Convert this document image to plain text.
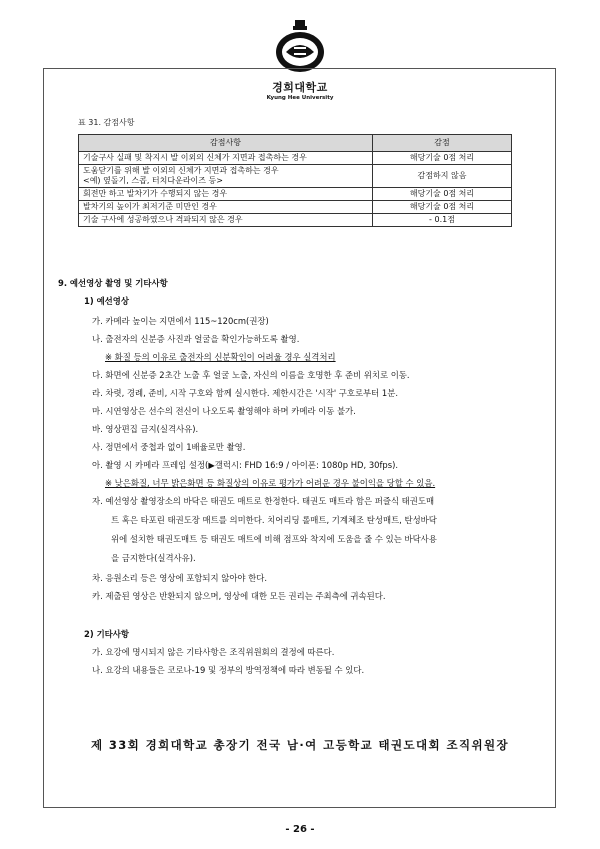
경희대학교
Kyung Hee University
표 31. 감점사항
감점사항	감점
기술구사 실패 및 착지시 발 이외의 신체가 지면과 접촉하는 경우	해당기술 0점 처리
도움닫기를 위해 발 이외의 신체가 지면과 접촉하는 경우
<예) 옆돌기, 스콥, 터치다운라이즈 등>	감점하지 않음
회전만 하고 발차기가 수행되지 않는 경우	해당기술 0점 처리
발차기의 높이가 최저기준 미만인 경우	해당기술 0점 처리
기술 구사에 성공하였으나 격파되지 않은 경우	- 0.1점
9. 예선영상 촬영 및 기타사항
1) 예선영상
가. 카메라 높이는 지면에서 115~120cm(권장)
나. 출전자의 신분증 사진과 얼굴을 확인가능하도록 촬영.
※ 화질 등의 이유로 출전자의 신분확인이 어려울 경우 실격처리
다. 화면에 신분증 2초간 노출 후 얼굴 노출, 자신의 이름을 호명한 후 준비 위치로 이동.
라. 차렷, 경례, 준비, 시작 구호와 함께 실시한다. 제한시간은 '시작' 구호로부터 1분.
마. 시연영상은 선수의 전신이 나오도록 촬영해야 하며 카메라 이동 불가.
바. 영상편집 금지(실격사유).
사. 정면에서 중첩과 없이 1배율로만 촬영.
아. 촬영 시 카메라 프레임 설정(▶갤럭시: FHD 16:9 / 아이폰: 1080p HD, 30fps).
※ 낮은화질, 너무 밝은화면 등 화질상의 이유로 평가가 어려운 경우 불이익을 당할 수 있음.
자. 예선영상 촬영장소의 바닥은 태권도 매트로 한정한다. 태권도 매트라 함은 퍼즐식 태권도매
트 혹은 타포린 태권도장 매트를 의미한다. 치어리딩 롤매트, 기계체조 탄성매트, 탄성바닥
위에 설치한 태권도매트 등 태권도 매트에 비해 점프와 착지에 도움을 줄 수 있는 바닥사용
을 금지한다(실격사유).
차. 응원소리 등은 영상에 포함되지 않아야 한다.
카. 제출된 영상은 반환되지 않으며, 영상에 대한 모든 권리는 주최측에 귀속된다.
2) 기타사항
가. 요강에 명시되지 않은 기타사항은 조직위원회의 결정에 따른다.
나. 요강의 내용들은 코로나-19 및 정부의 방역정책에 따라 변동될 수 있다.
제 33회 경희대학교 총장기 전국 남·여 고등학교 태권도대회 조직위원장
- 26 -
